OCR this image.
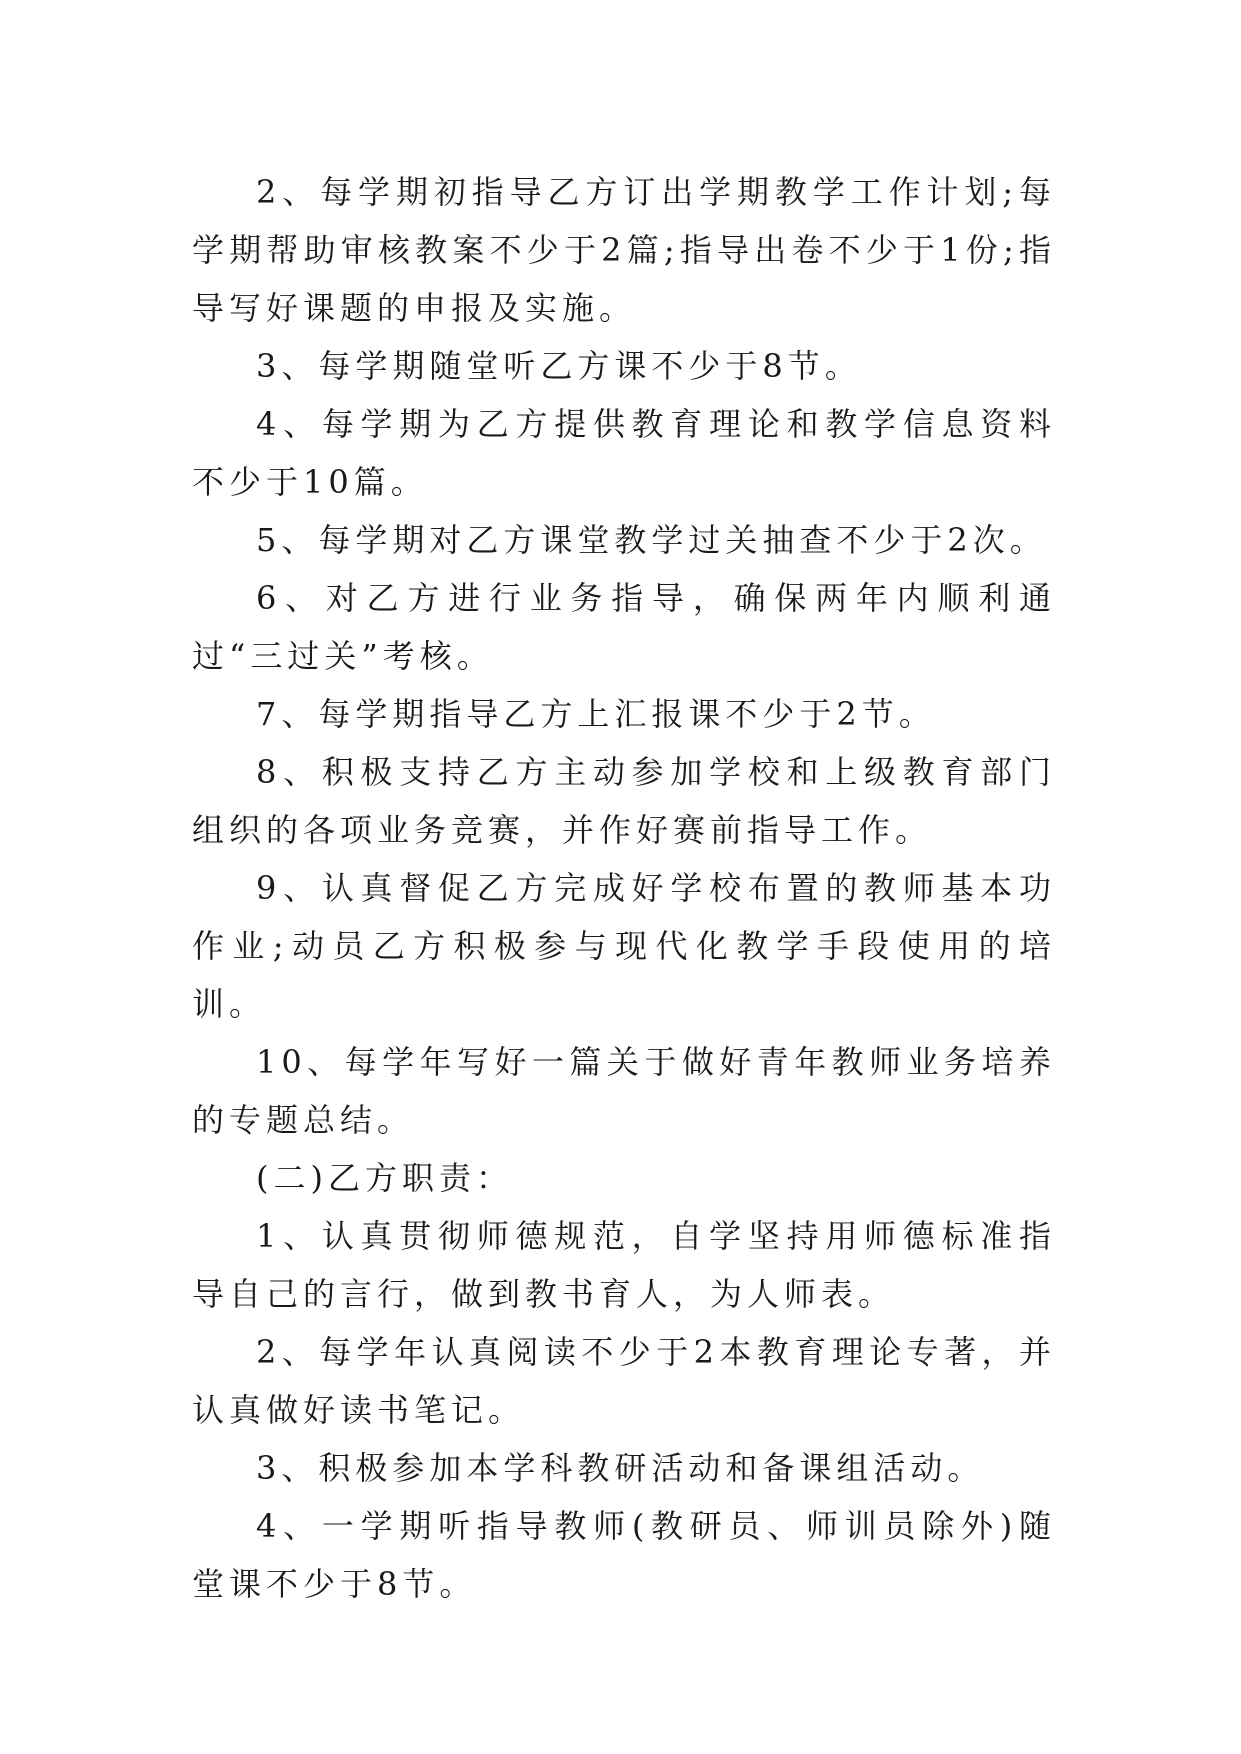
2、每学期初指导乙方订出学期教学工作计划;每学期帮助审核教案不少于2篇;指导出卷不少于1份;指导写好课题的申报及实施。

3、每学期随堂听乙方课不少于8节。

4、每学期为乙方提供教育理论和教学信息资料不少于10篇。

5、每学期对乙方课堂教学过关抽查不少于2次。

6、对乙方进行业务指导，确保两年内顺利通过“三过关”考核。

7、每学期指导乙方上汇报课不少于2节。

8、积极支持乙方主动参加学校和上级教育部门组织的各项业务竞赛，并作好赛前指导工作。

9、认真督促乙方完成好学校布置的教师基本功作业;动员乙方积极参与现代化教学手段使用的培训。

10、每学年写好一篇关于做好青年教师业务培养的专题总结。

(二)乙方职责：

1、认真贯彻师德规范，自学坚持用师德标准指导自己的言行，做到教书育人，为人师表。

2、每学年认真阅读不少于2本教育理论专著，并认真做好读书笔记。

3、积极参加本学科教研活动和备课组活动。

4、一学期听指导教师(教研员、师训员除外)随堂课不少于8节。
